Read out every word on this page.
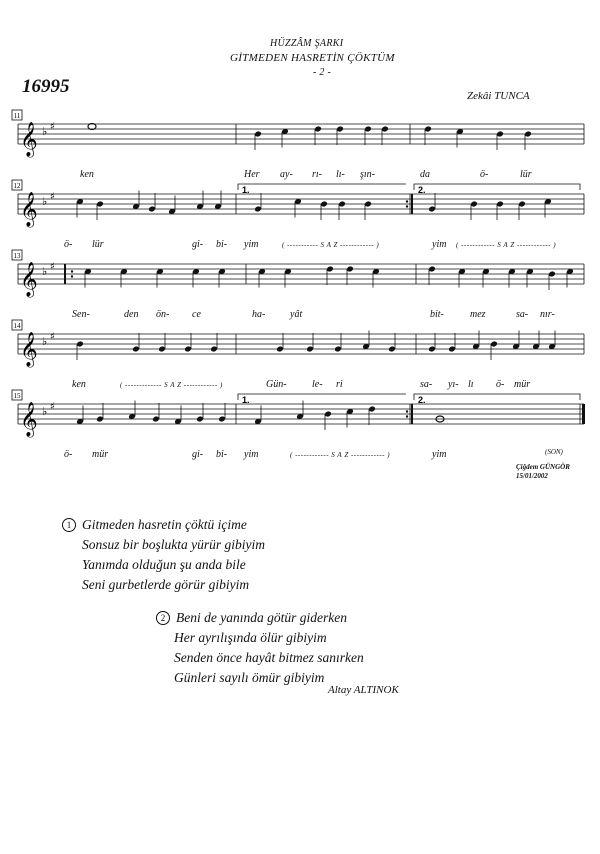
HÜZZÂM ŞARKI
GİTMEDEN HASRETİN ÇÖKTÜM
- 2 -
16995	Zekâi TUNCA
11
𝄞 ♭ ♯
12
𝄞 ♭ ♯
1.	2.
13
𝄞 ♭ ♯
14
𝄞 ♭ ♯
15
𝄞 ♭ ♯
1.	2.
ken	Her ay- rı- lı- şın-	da	ö-	lür
ö- lür	gi- bi- yim	yim
( ----------- S A Z ------------ )	( ------------ S A Z ------------ )
Sen-	den ön- ce	ha- yât	bit-	mez	sa- nır-
ken	Gün-	le- ri	sa- yı- lı ö- mür
( ------------- S A Z ------------ )
ö- mür	gi- bi- yim	yim
( ------------ S A Z ------------ )	(SON)
Çiğdem GÜNGÖR
15/01/2002

1 Gitmeden hasretin çöktü içime

Sonsuz bir boşlukta yürür gibiyim

Yanımda olduğun şu anda bile

Seni gurbetlerde görür gibiyim

2 Beni de yanında götür giderken

Her ayrılışında ölür gibiyim

Senden önce hayât bitmez sanırken

Günleri sayılı ömür gibiyim

Altay ALTINOK
